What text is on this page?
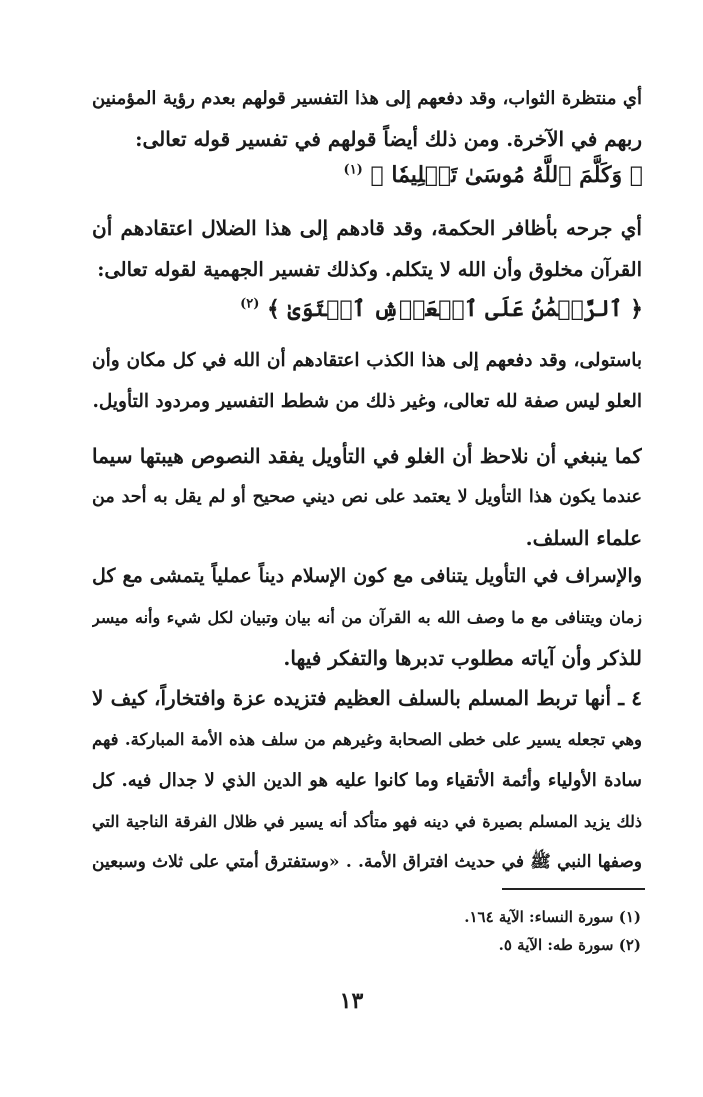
أي منتظرة الثواب، وقد دفعهم إلى هذا التفسير قولهم بعدم رؤية المؤمنين
ربهم في الآخرة. ومن ذلك أيضاً قولهم في تفسير قوله تعالى:
﴿ وَكَلَّمَ ٱللَّهُ مُوسَىٰ تَكۡلِيمٗا ﴾ $^{(١)}$
أي جرحه بأظافر الحكمة، وقد قادهم إلى هذا الضلال اعتقادهم أن
القرآن مخلوق وأن الله لا يتكلم. وكذلك تفسير الجهمية لقوله تعالى:
﴿ ٱلرَّحۡمَٰنُ عَلَى ٱلۡعَرۡشِ ٱسۡتَوَىٰ ﴾ $^{(٢)}$
باستولى، وقد دفعهم إلى هذا الكذب اعتقادهم أن الله في كل مكان وأن
العلو ليس صفة لله تعالى، وغير ذلك من شطط التفسير ومردود التأويل.
كما ينبغي أن نلاحظ أن الغلو في التأويل يفقد النصوص هيبتها سيما
عندما يكون هذا التأويل لا يعتمد على نص ديني صحيح أو لم يقل به أحد من
علماء السلف.
والإسراف في التأويل يتنافى مع كون الإسلام ديناً عملياً يتمشى مع كل
زمان ويتنافى مع ما وصف الله به القرآن من أنه بيان وتبيان لكل شيء وأنه ميسر
للذكر وأن آياته مطلوب تدبرها والتفكر فيها.
٤ ـ أنها تربط المسلم بالسلف العظيم فتزيده عزة وافتخاراً، كيف لا
وهي تجعله يسير على خطى الصحابة وغيرهم من سلف هذه الأمة المباركة. فهم
سادة الأولياء وأئمة الأتقياء وما كانوا عليه هو الدين الذي لا جدال فيه. كل
ذلك يزيد المسلم بصيرة في دينه فهو متأكد أنه يسير في ظلال الفرقة الناجية التي
وصفها النبي ﷺ في حديث افتراق الأمة. . «وستفترق أمتي على ثلاث وسبعين
(١) سورة النساء: الآية ١٦٤.
(٢) سورة طه: الآية ٥.
١٣
